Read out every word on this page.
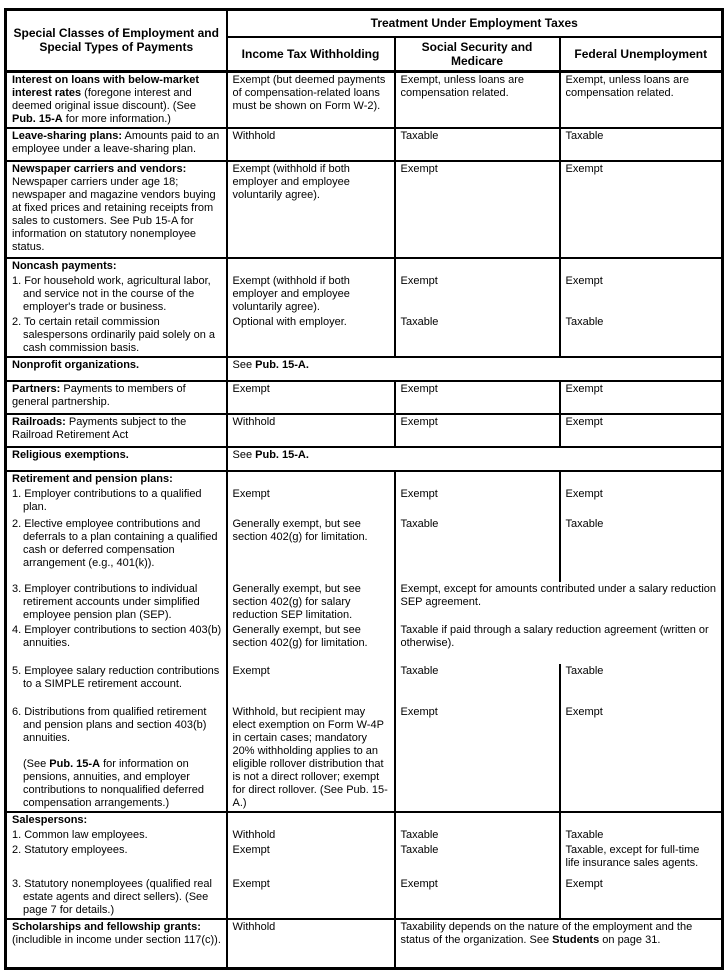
Special Classes of Employment and
Special Types of Payments	Treatment Under Employment Taxes		
	Income Tax Withholding	Social Security and Medicare	Federal Unemployment
Interest on loans with below-market interest rates (foregone interest and deemed original issue discount). (See Pub. 15-A for more information.)	Exempt (but deemed payments of compensation-related loans must be shown on Form W-2).	Exempt, unless loans are compensation related.	Exempt, unless loans are compensation related.
Leave-sharing plans: Amounts paid to an employee under a leave-sharing plan.	Withhold	Taxable	Taxable
Newspaper carriers and vendors: Newspaper carriers under age 18; newspaper and magazine vendors buying at fixed prices and retaining receipts from sales to customers. See Pub 15-A for information on statutory nonemployee status.	Exempt (withhold if both employer and employee voluntarily agree).	Exempt	Exempt
Noncash payments:			

1. For household work, agricultural labor, and service not in the course of the employer's trade or business.	Exempt (withhold if both employer and employee voluntarily agree).	Exempt	Exempt

2. To certain retail commission salespersons ordinarily paid solely on a cash commission basis.	Optional with employer.	Taxable	Taxable
Nonprofit organizations.	See Pub. 15-A.		
Partners: Payments to members of general partnership.	Exempt	Exempt	Exempt
Railroads: Payments subject to the Railroad Retirement Act	Withhold	Exempt	Exempt
Religious exemptions.	See Pub. 15-A.		
Retirement and pension plans:			

1. Employer contributions to a qualified plan.	Exempt	Exempt	Exempt

2. Elective employee contributions and deferrals to a plan containing a qualified cash or deferred compensation arrangement (e.g., 401(k)).	Generally exempt, but see section 402(g) for limitation.	Taxable	Taxable

3. Employer contributions to individual retirement accounts under simplified employee pension plan (SEP).	Generally exempt, but see section 402(g) for salary reduction SEP limitation.	Exempt, except for amounts contributed under a salary reduction SEP agreement.	

4. Employer contributions to section 403(b) annuities.	Generally exempt, but see section 402(g) for limitation.	Taxable if paid through a salary reduction agreement (written or otherwise).	

5. Employee salary reduction contributions to a SIMPLE retirement account.	Exempt	Taxable	Taxable

6. Distributions from qualified retirement and pension plans and section 403(b) annuities.
(See Pub. 15-A for information on pensions, annuities, and employer contributions to nonqualified deferred compensation arrangements.)
	Withhold, but recipient may elect exemption on Form W-4P in certain cases; mandatory 20% withholding applies to an eligible rollover distribution that is not a direct rollover; exempt for direct rollover. (See Pub. 15-A.)	Exempt	Exempt
Salespersons:			

1. Common law employees.	Withhold	Taxable	Taxable

2. Statutory employees.	Exempt	Taxable	Taxable, except for full-time life insurance sales agents.

3. Statutory nonemployees (qualified real estate agents and direct sellers). (See page 7 for details.)	Exempt	Exempt	Exempt
Scholarships and fellowship grants: (includible in income under section 117(c)).	Withhold	Taxability depends on the nature of the employment and the status of the organization. See Students on page 31.	
